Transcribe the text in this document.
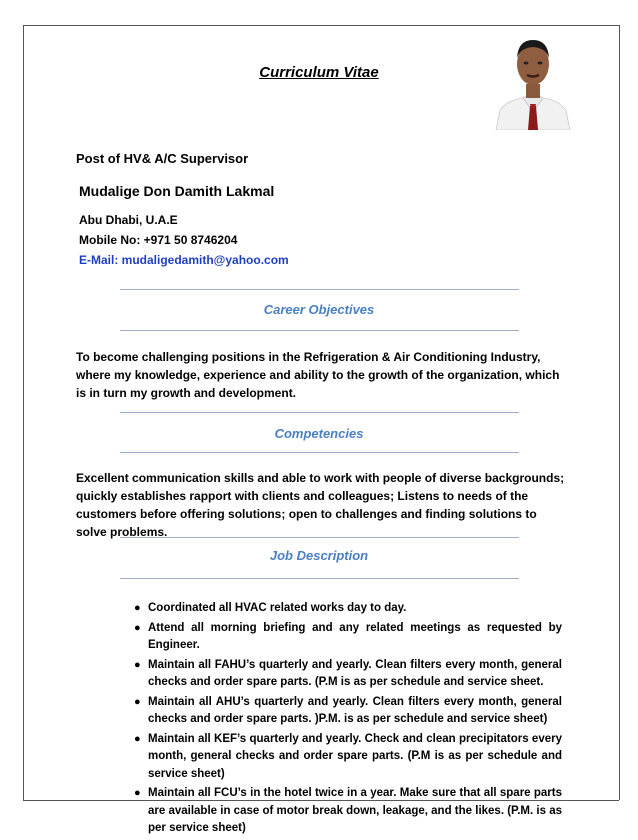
Curriculum Vitae
Post of HV& A/C Supervisor
Mudalige Don Damith Lakmal
Abu Dhabi, U.A.E
Mobile No: +971 50 8746204
E-Mail: mudaligedamith@yahoo.com
Career Objectives
To become challenging positions in the Refrigeration & Air Conditioning Industry, where my knowledge, experience and ability to the growth of the organization, which is in turn my growth and development.
Competencies
Excellent communication skills and able to work with people of diverse backgrounds; quickly establishes rapport with clients and colleagues; Listens to needs of the customers before offering solutions; open to challenges and finding solutions to solve problems.
Job Description
● Coordinated all HVAC related works day to day.
● Attend all morning briefing and any related meetings as requested by Engineer.
● Maintain all FAHU’s quarterly and yearly. Clean filters every month, general checks and order spare parts. (P.M is as per schedule and service sheet.
● Maintain all AHU’s quarterly and yearly. Clean filters every month, general checks and order spare parts. )P.M. is as per schedule and service sheet)
● Maintain all KEF’s quarterly and yearly. Check and clean precipitators every month, general checks and order spare parts. (P.M is as per schedule and service sheet)
● Maintain all FCU’s in the hotel twice in a year. Make sure that all spare parts are available in case of motor break down, leakage, and the likes. (P.M. is as per service sheet)
